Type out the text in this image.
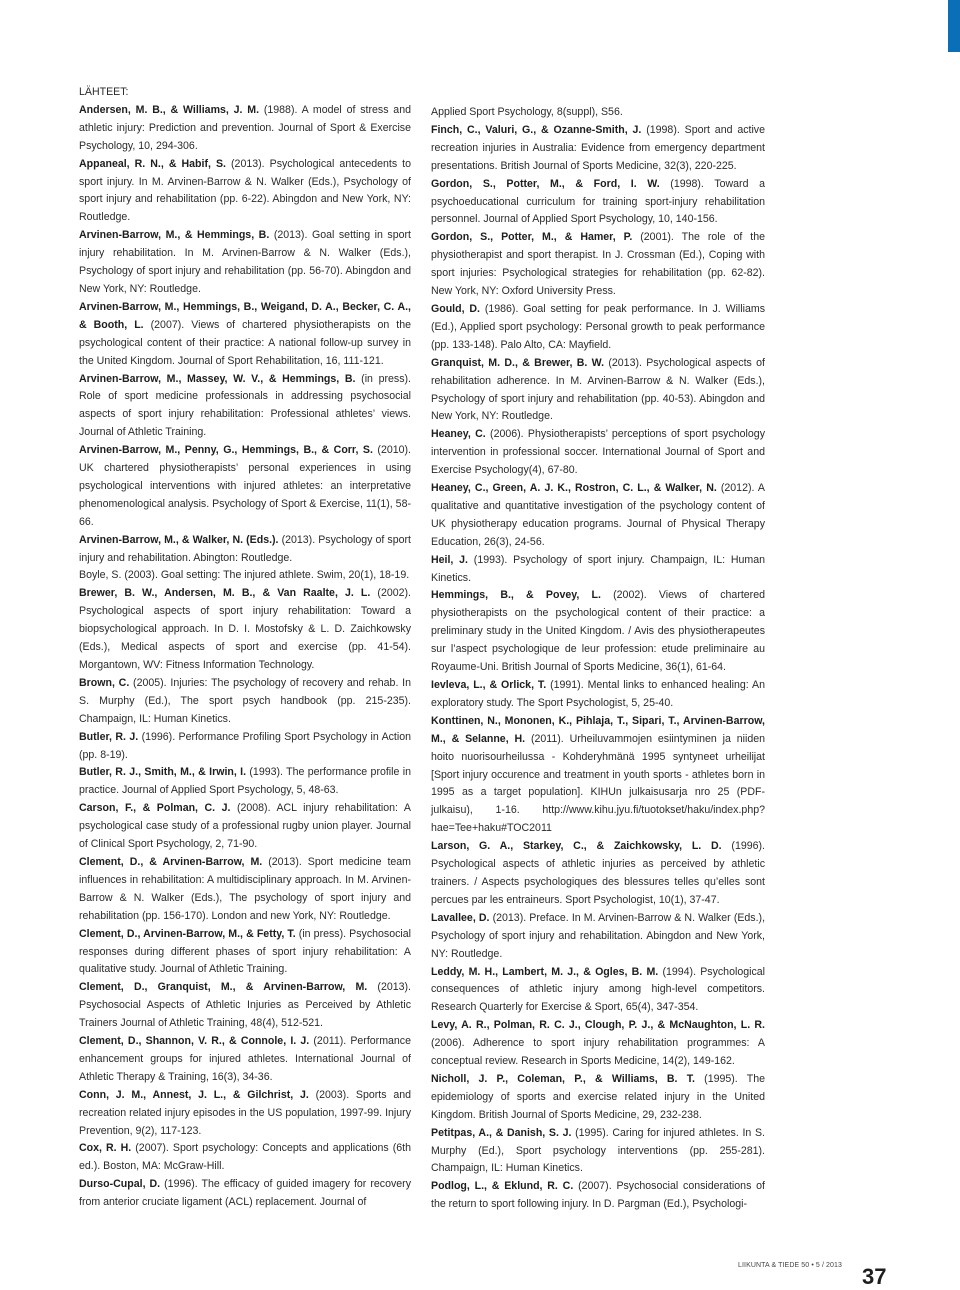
LÄHTEET:

Andersen, M. B., & Williams, J. M. (1988). A model of stress and athletic injury: Prediction and prevention. Journal of Sport & Exercise Psychology, 10, 294-306.

Appaneal, R. N., & Habif, S. (2013). Psychological antecedents to sport injury. In M. Arvinen-Barrow & N. Walker (Eds.), Psychology of sport injury and rehabilitation (pp. 6-22). Abingdon and New York, NY: Routledge.

Arvinen-Barrow, M., & Hemmings, B. (2013). Goal setting in sport injury rehabilitation. In M. Arvinen-Barrow & N. Walker (Eds.), Psychology of sport injury and rehabilitation (pp. 56-70). Abingdon and New York, NY: Routledge.

Arvinen-Barrow, M., Hemmings, B., Weigand, D. A., Becker, C. A., & Booth, L. (2007). Views of chartered physiotherapists on the psychological content of their practice: A national follow-up survey in the United Kingdom. Journal of Sport Rehabilitation, 16, 111-121.

Arvinen-Barrow, M., Massey, W. V., & Hemmings, B. (in press). Role of sport medicine professionals in addressing psychosocial aspects of sport injury rehabilitation: Professional athletes’ views. Journal of Athletic Training.

Arvinen-Barrow, M., Penny, G., Hemmings, B., & Corr, S. (2010). UK chartered physiotherapists’ personal experiences in using psychological interventions with injured athletes: an interpretative phenomenological analysis. Psychology of Sport & Exercise, 11(1), 58-66.

Arvinen-Barrow, M., & Walker, N. (Eds.). (2013). Psychology of sport injury and rehabilitation. Abington: Routledge.

Boyle, S. (2003). Goal setting: The injured athlete. Swim, 20(1), 18-19.

Brewer, B. W., Andersen, M. B., & Van Raalte, J. L. (2002). Psychological aspects of sport injury rehabilitation: Toward a biopsychological approach. In D. I. Mostofsky & L. D. Zaichkowsky (Eds.), Medical aspects of sport and exercise (pp. 41-54). Morgantown, WV: Fitness Information Technology.

Brown, C. (2005). Injuries: The psychology of recovery and rehab. In S. Murphy (Ed.), The sport psych handbook (pp. 215-235). Champaign, IL: Human Kinetics.

Butler, R. J. (1996). Performance Profiling Sport Psychology in Action (pp. 8-19).

Butler, R. J., Smith, M., & Irwin, I. (1993). The performance profile in practice. Journal of Applied Sport Psychology, 5, 48-63.

Carson, F., & Polman, C. J. (2008). ACL injury rehabilitation: A psychological case study of a professional rugby union player. Journal of Clinical Sport Psychology, 2, 71-90.

Clement, D., & Arvinen-Barrow, M. (2013). Sport medicine team influences in rehabilitation: A multidisciplinary approach. In M. Arvinen-Barrow & N. Walker (Eds.), The psychology of sport injury and rehabilitation (pp. 156-170). London and new York, NY: Routledge.

Clement, D., Arvinen-Barrow, M., & Fetty, T. (in press). Psychosocial responses during different phases of sport injury rehabilitation: A qualitative study. Journal of Athletic Training.

Clement, D., Granquist, M., & Arvinen-Barrow, M. (2013). Psychosocial Aspects of Athletic Injuries as Perceived by Athletic Trainers Journal of Athletic Training, 48(4), 512-521.

Clement, D., Shannon, V. R., & Connole, I. J. (2011). Performance enhancement groups for injured athletes. International Journal of Athletic Therapy & Training, 16(3), 34-36.

Conn, J. M., Annest, J. L., & Gilchrist, J. (2003). Sports and recreation related injury episodes in the US population, 1997-99. Injury Prevention, 9(2), 117-123.

Cox, R. H. (2007). Sport psychology: Concepts and applications (6th ed.). Boston, MA: McGraw-Hill.

Durso-Cupal, D. (1996). The efficacy of guided imagery for recovery from anterior cruciate ligament (ACL) replacement. Journal of

Applied Sport Psychology, 8(suppl), S56.

Finch, C., Valuri, G., & Ozanne-Smith, J. (1998). Sport and active recreation injuries in Australia: Evidence from emergency department presentations. British Journal of Sports Medicine, 32(3), 220-225.

Gordon, S., Potter, M., & Ford, I. W. (1998). Toward a psychoeducational curriculum for training sport-injury rehabilitation personnel. Journal of Applied Sport Psychology, 10, 140-156.

Gordon, S., Potter, M., & Hamer, P. (2001). The role of the physiotherapist and sport therapist. In J. Crossman (Ed.), Coping with sport injuries: Psychological strategies for rehabilitation (pp. 62-82). New York, NY: Oxford University Press.

Gould, D. (1986). Goal setting for peak performance. In J. Williams (Ed.), Applied sport psychology: Personal growth to peak performance (pp. 133-148). Palo Alto, CA: Mayfield.

Granquist, M. D., & Brewer, B. W. (2013). Psychological aspects of rehabilitation adherence. In M. Arvinen-Barrow & N. Walker (Eds.), Psychology of sport injury and rehabilitation (pp. 40-53). Abingdon and New York, NY: Routledge.

Heaney, C. (2006). Physiotherapists’ perceptions of sport psychology intervention in professional soccer. International Journal of Sport and Exercise Psychology(4), 67-80.

Heaney, C., Green, A. J. K., Rostron, C. L., & Walker, N. (2012). A qualitative and quantitative investigation of the psychology content of UK physiotherapy education programs. Journal of Physical Therapy Education, 26(3), 24-56.

Heil, J. (1993). Psychology of sport injury. Champaign, IL: Human Kinetics.

Hemmings, B., & Povey, L. (2002). Views of chartered physiotherapists on the psychological content of their practice: a preliminary study in the United Kingdom. / Avis des physiotherapeutes sur l’aspect psychologique de leur profession: etude preliminaire au Royaume-Uni. British Journal of Sports Medicine, 36(1), 61-64.

Ievleva, L., & Orlick, T. (1991). Mental links to enhanced healing: An exploratory study. The Sport Psychologist, 5, 25-40.

Konttinen, N., Mononen, K., Pihlaja, T., Sipari, T., Arvinen-Barrow, M., & Selanne, H. (2011). Urheiluvammojen esiintyminen ja niiden hoito nuorisourheilussa - Kohderyhmänä 1995 syntyneet urheilijat [Sport injury occurence and treatment in youth sports - athletes born in 1995 as a target population]. KIHUn julkaisusarja nro 25 (PDF-julkaisu), 1-16. http://www.kihu.jyu.fi/tuotokset/haku/index.php?hae=Tee+haku#TOC2011

Larson, G. A., Starkey, C., & Zaichkowsky, L. D. (1996). Psychological aspects of athletic injuries as perceived by athletic trainers. / Aspects psychologiques des blessures telles qu’elles sont percues par les entraineurs. Sport Psychologist, 10(1), 37-47.

Lavallee, D. (2013). Preface. In M. Arvinen-Barrow & N. Walker (Eds.), Psychology of sport injury and rehabilitation. Abingdon and New York, NY: Routledge.

Leddy, M. H., Lambert, M. J., & Ogles, B. M. (1994). Psychological consequences of athletic injury among high-level competitors. Research Quarterly for Exercise & Sport, 65(4), 347-354.

Levy, A. R., Polman, R. C. J., Clough, P. J., & McNaughton, L. R. (2006). Adherence to sport injury rehabilitation programmes: A conceptual review. Research in Sports Medicine, 14(2), 149-162.

Nicholl, J. P., Coleman, P., & Williams, B. T. (1995). The epidemiology of sports and exercise related injury in the United Kingdom. British Journal of Sports Medicine, 29, 232-238.

Petitpas, A., & Danish, S. J. (1995). Caring for injured athletes. In S. Murphy (Ed.), Sport psychology interventions (pp. 255-281). Champaign, IL: Human Kinetics.

Podlog, L., & Eklund, R. C. (2007). Psychosocial considerations of the return to sport following injury. In D. Pargman (Ed.), Psychologi-

LIIKUNTA & TIEDE 50 • 5 / 2013 37
